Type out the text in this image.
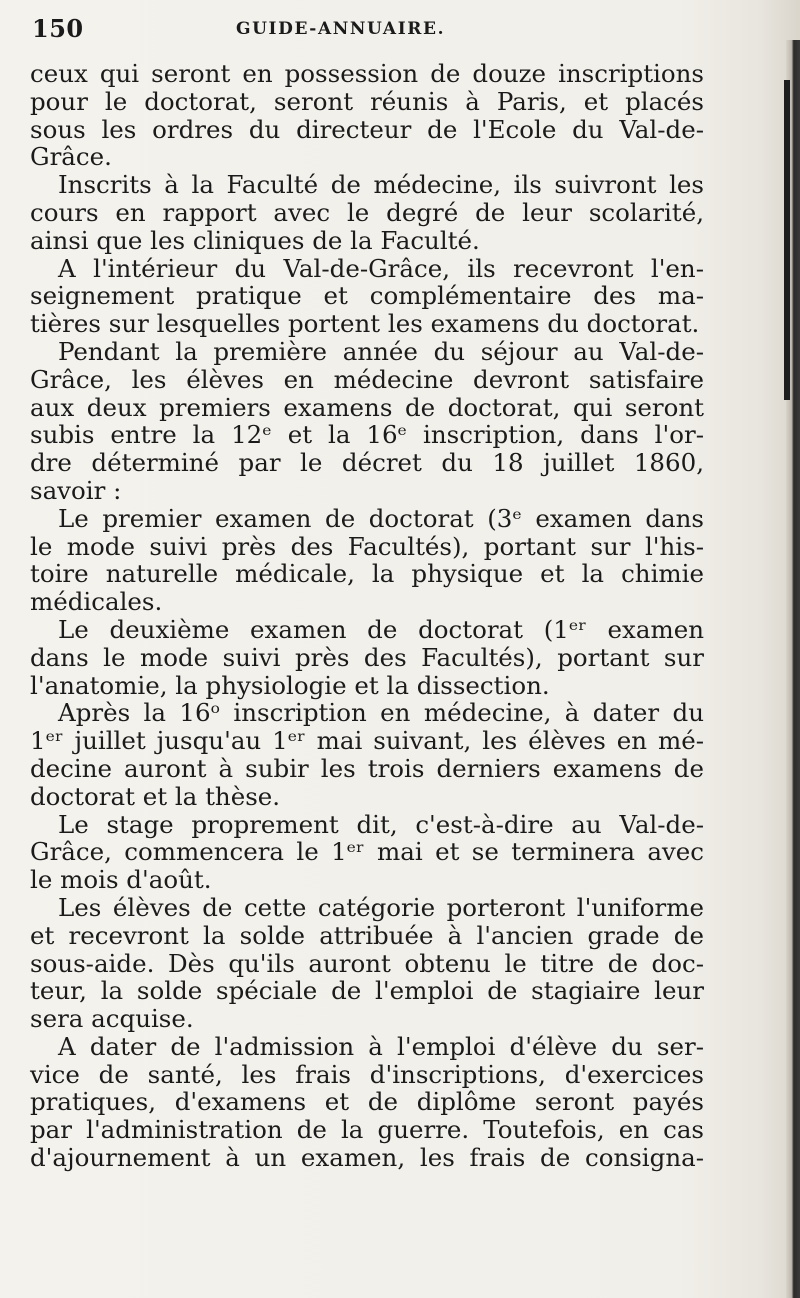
150	GUIDE-ANNUAIRE.
ceux qui seront en possession de douze inscriptions
pour le doctorat, seront réunis à Paris, et placés
sous les ordres du directeur de l'Ecole du Val-de-
Grâce.
Inscrits à la Faculté de médecine, ils suivront les
cours en rapport avec le degré de leur scolarité,
ainsi que les cliniques de la Faculté.
A l'intérieur du Val-de-Grâce, ils recevront l'en-
seignement pratique et complémentaire des ma-
tières sur lesquelles portent les examens du doctorat.
Pendant la première année du séjour au Val-de-
Grâce, les élèves en médecine devront satisfaire
aux deux premiers examens de doctorat, qui seront
subis entre la 12ᵉ et la 16ᵉ inscription, dans l'or-
dre déterminé par le décret du 18 juillet 1860,
savoir :
Le premier examen de doctorat (3ᵉ examen dans
le mode suivi près des Facultés), portant sur l'his-
toire naturelle médicale, la physique et la chimie
médicales.
Le deuxième examen de doctorat (1ᵉʳ examen
dans le mode suivi près des Facultés), portant sur
l'anatomie, la physiologie et la dissection.
Après la 16ᵒ inscription en médecine, à dater du
1ᵉʳ juillet jusqu'au 1ᵉʳ mai suivant, les élèves en mé-
decine auront à subir les trois derniers examens de
doctorat et la thèse.
Le stage proprement dit, c'est-à-dire au Val-de-
Grâce, commencera le 1ᵉʳ mai et se terminera avec
le mois d'août.
Les élèves de cette catégorie porteront l'uniforme
et recevront la solde attribuée à l'ancien grade de
sous-aide. Dès qu'ils auront obtenu le titre de doc-
teur, la solde spéciale de l'emploi de stagiaire leur
sera acquise.
A dater de l'admission à l'emploi d'élève du ser-
vice de santé, les frais d'inscriptions, d'exercices
pratiques, d'examens et de diplôme seront payés
par l'administration de la guerre. Toutefois, en cas
d'ajournement à un examen, les frais de consigna-
